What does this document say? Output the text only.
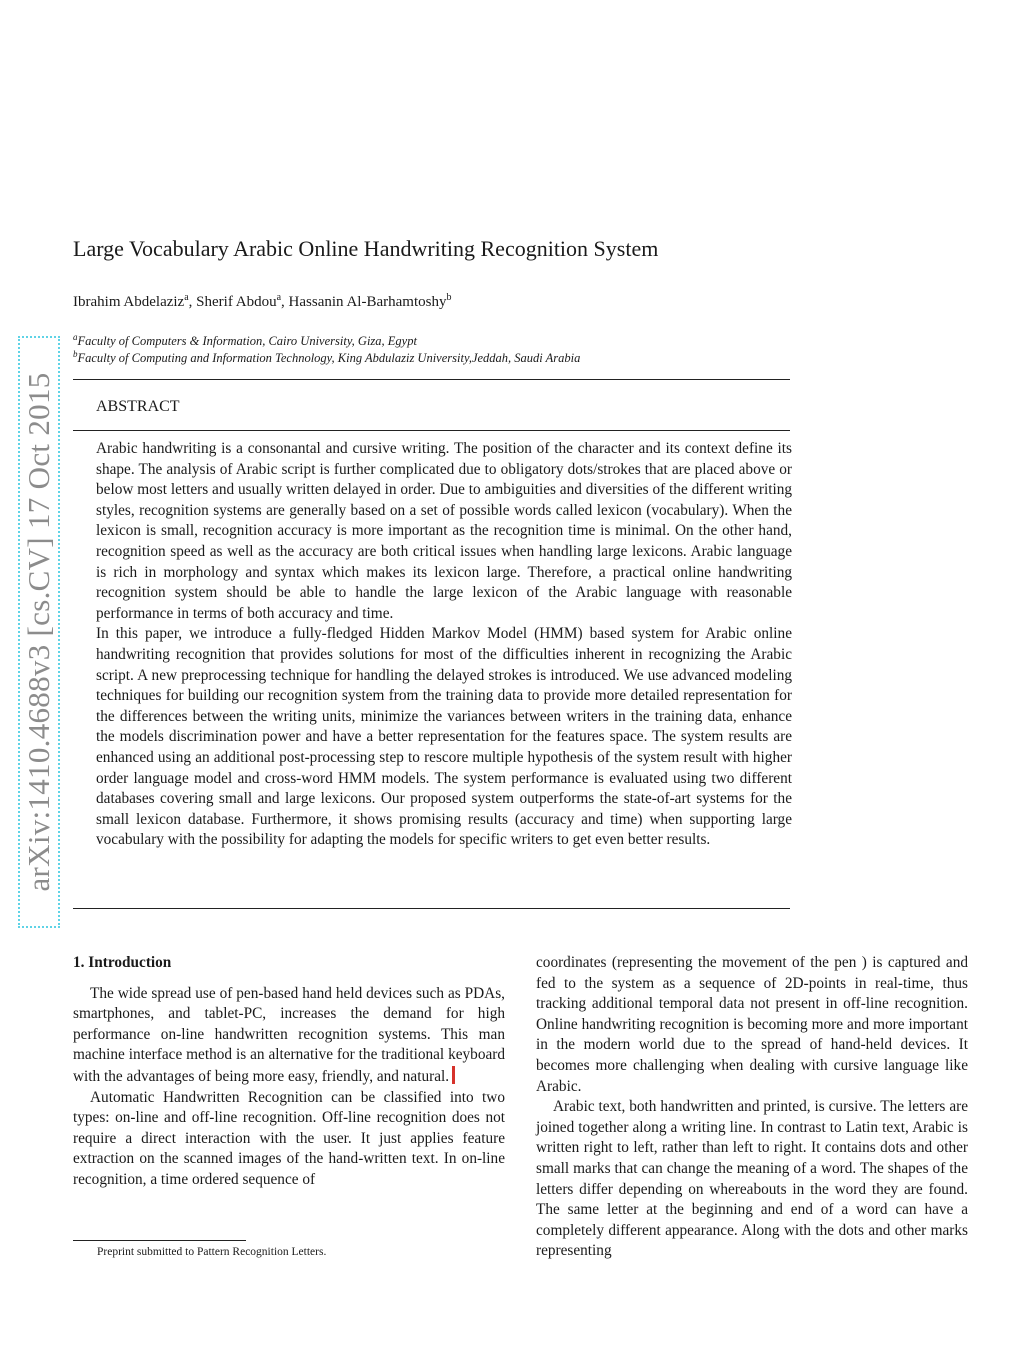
arXiv:1410.4688v3 [cs.CV] 17 Oct 2015
Large Vocabulary Arabic Online Handwriting Recognition System
Ibrahim Abdelaziz$^a$, Sherif Abdou$^a$, Hassanin Al-Barhamtoshy$^b$
$^a$Faculty of Computers & Information, Cairo University, Giza, Egypt
$^b$Faculty of Computing and Information Technology, King Abdulaziz University,Jeddah, Saudi Arabia
ABSTRACT

Arabic handwriting is a consonantal and cursive writing. The position of the character and its context define its shape. The analysis of Arabic script is further complicated due to obligatory dots/strokes that are placed above or below most letters and usually written delayed in order. Due to ambiguities and diversities of the different writing styles, recognition systems are generally based on a set of possible words called lexicon (vocabulary). When the lexicon is small, recognition accuracy is more important as the recognition time is minimal. On the other hand, recognition speed as well as the accuracy are both critical issues when handling large lexicons. Arabic language is rich in morphology and syntax which makes its lexicon large. Therefore, a practical online handwriting recognition system should be able to handle the large lexicon of the Arabic language with reasonable performance in terms of both accuracy and time.

In this paper, we introduce a fully-fledged Hidden Markov Model (HMM) based system for Arabic online handwriting recognition that provides solutions for most of the difficulties inherent in recognizing the Arabic script. A new preprocessing technique for handling the delayed strokes is introduced. We use advanced modeling techniques for building our recognition system from the training data to provide more detailed representation for the differences between the writing units, minimize the variances between writers in the training data, enhance the models discrimination power and have a better representation for the features space. The system results are enhanced using an additional post-processing step to rescore multiple hypothesis of the system result with higher order language model and cross-word HMM models. The system performance is evaluated using two different databases covering small and large lexicons. Our proposed system outperforms the state-of-art systems for the small lexicon database. Furthermore, it shows promising results (accuracy and time) when supporting large vocabulary with the possibility for adapting the models for specific writers to get even better results.

1. Introduction

The wide spread use of pen-based hand held devices such as PDAs, smartphones, and tablet-PC, increases the demand for high performance on-line handwritten recognition systems. This man machine interface method is an alternative for the traditional keyboard with the advantages of being more easy, friendly, and natural.

Automatic Handwritten Recognition can be classified into two types: on-line and off-line recognition. Off-line recognition does not require a direct interaction with the user. It just applies feature extraction on the scanned images of the hand-written text. In on-line recognition, a time ordered sequence of

coordinates (representing the movement of the pen ) is captured and fed to the system as a sequence of 2D-points in real-time, thus tracking additional temporal data not present in off-line recognition. Online handwriting recognition is becoming more and more important in the modern world due to the spread of hand-held devices. It becomes more challenging when dealing with cursive language like Arabic.

Arabic text, both handwritten and printed, is cursive. The letters are joined together along a writing line. In contrast to Latin text, Arabic is written right to left, rather than left to right. It contains dots and other small marks that can change the meaning of a word. The shapes of the letters differ depending on whereabouts in the word they are found. The same letter at the beginning and end of a word can have a completely different appearance. Along with the dots and other marks representing

Preprint submitted to Pattern Recognition Letters.
